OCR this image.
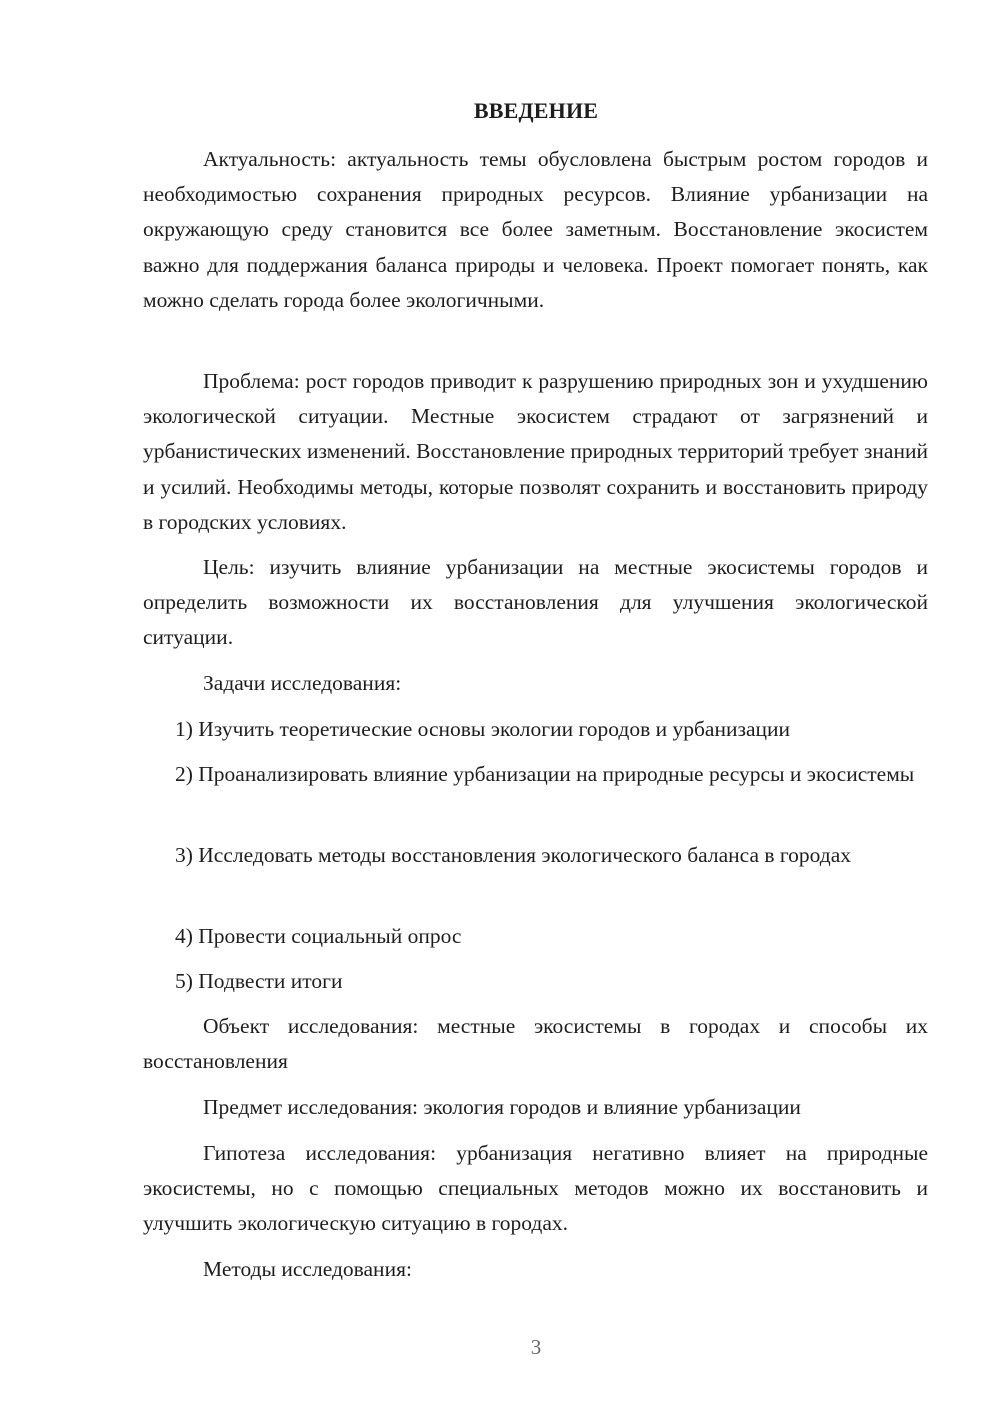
ВВЕДЕНИЕ

Актуальность: актуальность темы обусловлена быстрым ростом городов и необходимостью сохранения природных ресурсов. Влияние урбанизации на окружающую среду становится все более заметным. Восстановление экосистем важно для поддержания баланса природы и человека. Проект помогает понять, как можно сделать города более экологичными.

Проблема: рост городов приводит к разрушению природных зон и ухудшению экологической ситуации. Местные экосистем страдают от загрязнений и урбанистических изменений. Восстановление природных территорий требует знаний и усилий. Необходимы методы, которые позволят сохранить и восстановить природу в городских условиях.

Цель: изучить влияние урбанизации на местные экосистемы городов и определить возможности их восстановления для улучшения экологической ситуации.

Задачи исследования:

1) Изучить теоретические основы экологии городов и урбанизации

2) Проанализировать влияние урбанизации на природные ресурсы и экосистемы

3) Исследовать методы восстановления экологического баланса в городах

4) Провести социальный опрос

5) Подвести итоги

Объект исследования: местные экосистемы в городах и способы их восстановления

Предмет исследования: экология городов и влияние урбанизации

Гипотеза исследования: урбанизация негативно влияет на природные экосистемы, но с помощью специальных методов можно их восстановить и улучшить экологическую ситуацию в городах.

Методы исследования:

3
